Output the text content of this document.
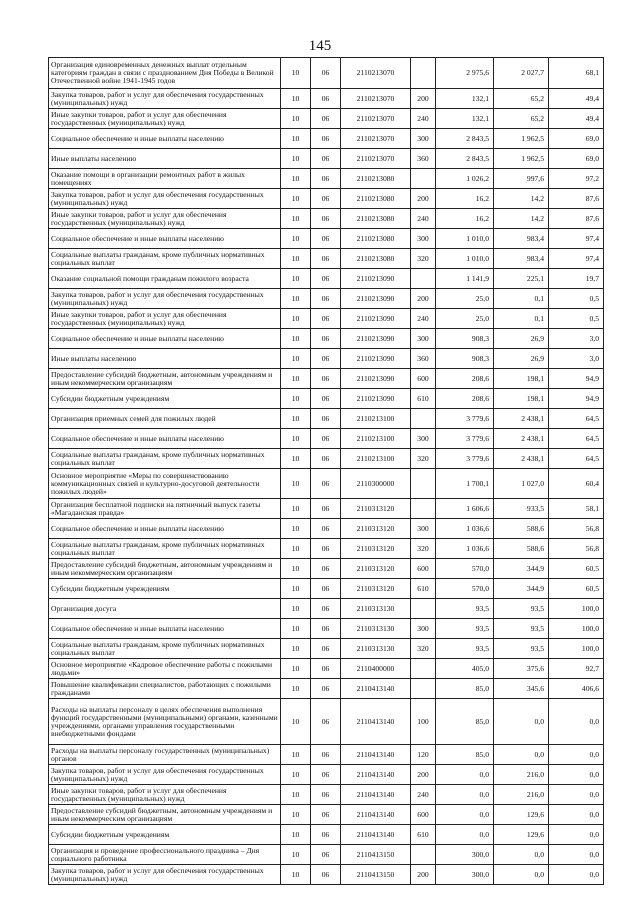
145
Организация единовременных денежных выплат отдельным категориям граждан в связи с празднованием Дня Победы в Великой Отечественной войне 1941-1945 годов	10	06	2110213070		2 975,6	2 027,7	68,1
Закупка товаров, работ и услуг для обеспечения государственных (муниципальных) нужд	10	06	2110213070	200	132,1	65,2	49,4
Иные закупки товаров, работ и услуг для обеспечения государственных (муниципальных) нужд	10	06	2110213070	240	132,1	65,2	49,4
Социальное обеспечение и иные выплаты населению	10	06	2110213070	300	2 843,5	1 962,5	69,0
Иные выплаты населению	10	06	2110213070	360	2 843,5	1 962,5	69,0
Оказание помощи в организации ремонтных работ в жилых помещениях	10	06	2110213080		1 026,2	997,6	97,2
Закупка товаров, работ и услуг для обеспечения государственных (муниципальных) нужд	10	06	2110213080	200	16,2	14,2	87,6
Иные закупки товаров, работ и услуг для обеспечения государственных (муниципальных) нужд	10	06	2110213080	240	16,2	14,2	87,6
Социальное обеспечение и иные выплаты населению	10	06	2110213080	300	1 010,0	983,4	97,4
Социальные выплаты гражданам, кроме публичных нормативных социальных выплат	10	06	2110213080	320	1 010,0	983,4	97,4
Оказание социальной помощи гражданам пожилого возраста	10	06	2110213090		1 141,9	225,1	19,7
Закупка товаров, работ и услуг для обеспечения государственных (муниципальных) нужд	10	06	2110213090	200	25,0	0,1	0,5
Иные закупки товаров, работ и услуг для обеспечения государственных (муниципальных) нужд	10	06	2110213090	240	25,0	0,1	0,5
Социальное обеспечение и иные выплаты населению	10	06	2110213090	300	908,3	26,9	3,0
Иные выплаты населению	10	06	2110213090	360	908,3	26,9	3,0
Предоставление субсидий бюджетным, автономным учреждениям и иным некоммерческим организациям	10	06	2110213090	600	208,6	198,1	94,9
Субсидии бюджетным учреждениям	10	06	2110213090	610	208,6	198,1	94,9
Организация приемных семей для пожилых людей	10	06	2110213100		3 779,6	2 438,1	64,5
Социальное обеспечение и иные выплаты населению	10	06	2110213100	300	3 779,6	2 438,1	64,5
Социальные выплаты гражданам, кроме публичных нормативных социальных выплат	10	06	2110213100	320	3 779,6	2 438,1	64,5
Основное мероприятие «Меры по совершенствованию коммуникационных связей и культурно-досуговой деятельности пожилых людей»	10	06	2110300000		1 700,1	1 027,0	60,4
Организация бесплатной подписки на пятничный выпуск газеты «Магаданская правда»	10	06	2110313120		1 606,6	933,5	58,1
Социальное обеспечение и иные выплаты населению	10	06	2110313120	300	1 036,6	588,6	56,8
Социальные выплаты гражданам, кроме публичных нормативных социальных выплат	10	06	2110313120	320	1 036,6	588,6	56,8
Предоставление субсидий бюджетным, автономным учреждениям и иным некоммерческим организациям	10	06	2110313120	600	570,0	344,9	60,5
Субсидии бюджетным учреждениям	10	06	2110313120	610	570,0	344,9	60,5
Организация досуга	10	06	2110313130		93,5	93,5	100,0
Социальное обеспечение и иные выплаты населению	10	06	2110313130	300	93,5	93,5	100,0
Социальные выплаты гражданам, кроме публичных нормативных социальных выплат	10	06	2110313130	320	93,5	93,5	100,0
Основное мероприятие «Кадровое обеспечение работы с пожилыми людьми»	10	06	2110400000		405,0	375,6	92,7
Повышение квалификации специалистов, работающих с пожилыми гражданами	10	06	2110413140		85,0	345,6	406,6
Расходы на выплаты персоналу в целях обеспечения выполнения функций государственными (муниципальными) органами, казенными учреждениями, органами управления государственными внебюджетными фондами	10	06	2110413140	100	85,0	0,0	0,0
Расходы на выплаты персоналу государственных (муниципальных) органов	10	06	2110413140	120	85,0	0,0	0,0
Закупка товаров, работ и услуг для обеспечения государственных (муниципальных) нужд	10	06	2110413140	200	0,0	216,0	0,0
Иные закупки товаров, работ и услуг для обеспечения государственных (муниципальных) нужд	10	06	2110413140	240	0,0	216,0	0,0
Предоставление субсидий бюджетным, автономным учреждениям и иным некоммерческим организациям	10	06	2110413140	600	0,0	129,6	0,0
Субсидии бюджетным учреждениям	10	06	2110413140	610	0,0	129,6	0,0
Организация и проведение профессионального праздника – Дня социального работника	10	06	2110413150		300,0	0,0	0,0
Закупка товаров, работ и услуг для обеспечения государственных (муниципальных) нужд	10	06	2110413150	200	300,0	0,0	0,0
